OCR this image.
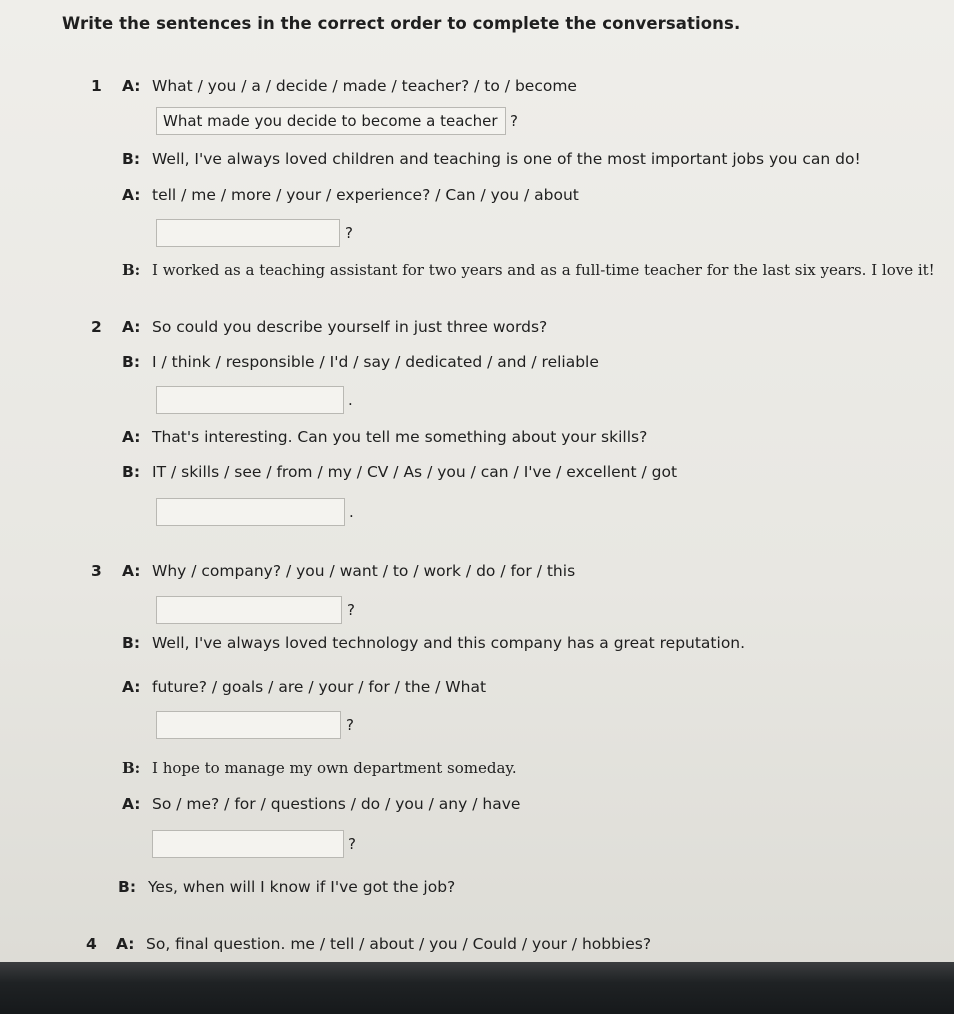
Write the sentences in the correct order to complete the conversations.
1 A: What / you / a / decide / made / teacher? / to / become
What made you decide to become a teacher ?
B: Well, I've always loved children and teaching is one of the most important jobs you can do!
A: tell / me / more / your / experience? / Can / you / about
?
B: I worked as a teaching assistant for two years and as a full-time teacher for the last six years. I love it!
2 A: So could you describe yourself in just three words?
B: I / think / responsible / I'd / say / dedicated / and / reliable
.
A: That's interesting. Can you tell me something about your skills?
B: IT / skills / see / from / my / CV / As / you / can / I've / excellent / got
.
3 A: Why / company? / you / want / to / work / do / for / this
?
B: Well, I've always loved technology and this company has a great reputation.
A: future? / goals / are / your / for / the / What
?
B: I hope to manage my own department someday.
A: So / me? / for / questions / do / you / any / have
?
B: Yes, when will I know if I've got the job?
4 A: So, final question. me / tell / about / you / Could / your / hobbies?
